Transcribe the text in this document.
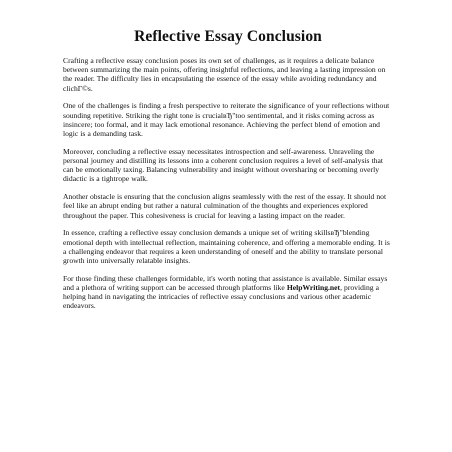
Reflective Essay Conclusion

Crafting a reflective essay conclusion poses its own set of challenges, as it requires a delicate balance between summarizing the main points, offering insightful reflections, and leaving a lasting impression on the reader. The difficulty lies in encapsulating the essence of the essay while avoiding redundancy and clichГ©s.

One of the challenges is finding a fresh perspective to reiterate the significance of your reflections without sounding repetitive. Striking the right tone is crucialвЂ"too sentimental, and it risks coming across as insincere; too formal, and it may lack emotional resonance. Achieving the perfect blend of emotion and logic is a demanding task.

Moreover, concluding a reflective essay necessitates introspection and self-awareness. Unraveling the personal journey and distilling its lessons into a coherent conclusion requires a level of self-analysis that can be emotionally taxing. Balancing vulnerability and insight without oversharing or becoming overly didactic is a tightrope walk.

Another obstacle is ensuring that the conclusion aligns seamlessly with the rest of the essay. It should not feel like an abrupt ending but rather a natural culmination of the thoughts and experiences explored throughout the paper. This cohesiveness is crucial for leaving a lasting impact on the reader.

In essence, crafting a reflective essay conclusion demands a unique set of writing skillsвЂ"blending emotional depth with intellectual reflection, maintaining coherence, and offering a memorable ending. It is a challenging endeavor that requires a keen understanding of oneself and the ability to translate personal growth into universally relatable insights.

For those finding these challenges formidable, it's worth noting that assistance is available. Similar essays and a plethora of writing support can be accessed through platforms like HelpWriting.net, providing a helping hand in navigating the intricacies of reflective essay conclusions and various other academic endeavors.
